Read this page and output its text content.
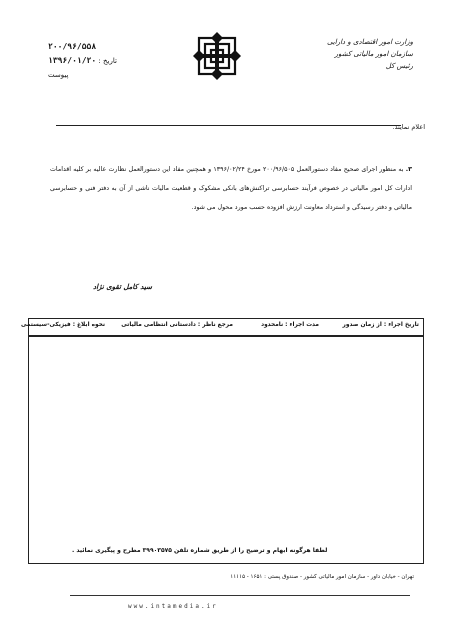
وزارت امور اقتصادی و دارایی
سازمان امور مالیاتی کشور
رئیس کل
۲۰۰/۹۶/۵۵۸
تاریخ : ۱۳۹۶/۰۱/۲۰
پیوست
اعلام نمایند.
۳. به منظور اجرای صحیح مفاد دستورالعمل ۲۰۰/۹۶/۵۰۵ مورخ ۱۳۹۶/۰۲/۲۴ و همچنین مفاد این دستورالعمل نظارت عالیه بر کلیه اقدامات ادارات کل امور مالیاتی در خصوص فرآیند حسابرسی تراکنش‌های بانکی مشکوک و قطعیت مالیات ناشی از آن به دفتر فنی و حسابرسی مالیاتی و دفتر رسیدگی و استرداد معاونت ارزش افزوده حسب مورد محول می شود.
سید کامل تقوی نژاد
تاریخ اجراء : از زمان صدور
مدت اجراء : نامحدود
مرجع ناظر : دادستانی انتظامی مالیاتی
نحوه ابلاغ : فیزیکی-سیستمی
لطفا هرگونه ابهام و ترضیح را از طریق شماره تلفن ۳۹۹۰۳۵۷۵ مطرح و پیگیری نمائید .
تهران - خیابان داور - سازمان امور مالیاتی کشور - صندوق پستی : ۱۶۵۱ - ۱۱۱۱۵
www.intamedia.ir
